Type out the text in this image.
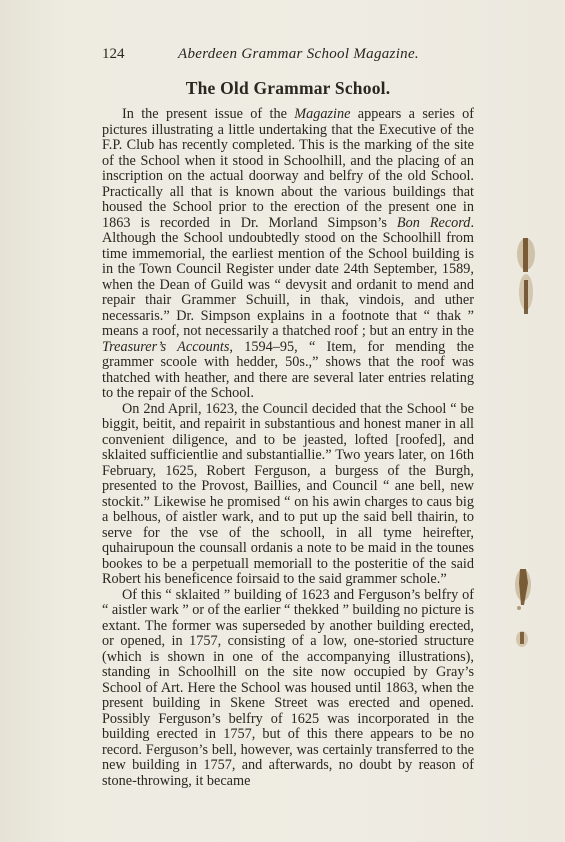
124	Aberdeen Grammar School Magazine.
The Old Grammar School.

In the present issue of the Magazine appears a series of pictures illustrating a little undertaking that the Executive of the F.P. Club has recently completed. This is the marking of the site of the School when it stood in Schoolhill, and the placing of an inscription on the actual doorway and belfry of the old School. Practically all that is known about the various buildings that housed the School prior to the erection of the present one in 1863 is recorded in Dr. Morland Simpson’s Bon Record. Although the School undoubtedly stood on the Schoolhill from time immemorial, the earliest mention of the School building is in the Town Council Register under date 24th September, 1589, when the Dean of Guild was “ devysit and ordanit to mend and repair thair Grammer Schuill, in thak, vindois, and uther necessaris.” Dr. Simpson explains in a footnote that “ thak ” means a roof, not necessarily a thatched roof ; but an entry in the Treasurer’s Accounts, 1594–95, “ Item, for mending the grammer scoole with hedder, 50s.,” shows that the roof was thatched with heather, and there are several later entries relating to the repair of the School.

On 2nd April, 1623, the Council decided that the School “ be biggit, beitit, and repairit in substantious and honest maner in all convenient diligence, and to be jeasted, lofted [roofed], and sklaited sufficientlie and substantiallie.” Two years later, on 16th February, 1625, Robert Ferguson, a burgess of the Burgh, presented to the Provost, Baillies, and Council “ ane bell, new stockit.” Likewise he promised “ on his awin charges to caus big a belhous, of aistler wark, and to put up the said bell thairin, to serve for the vse of the schooll, in all tyme heirefter, quhairupoun the counsall ordanis a note to be maid in the tounes bookes to be a perpetuall memoriall to the posteritie of the said Robert his beneficence foirsaid to the said grammer schole.”

Of this “ sklaited ” building of 1623 and Ferguson’s belfry of “ aistler wark ” or of the earlier “ thekked ” building no picture is extant. The former was superseded by another building erected, or opened, in 1757, consisting of a low, one-storied structure (which is shown in one of the accompanying illustrations), standing in Schoolhill on the site now occupied by Gray’s School of Art. Here the School was housed until 1863, when the present building in Skene Street was erected and opened. Possibly Ferguson’s belfry of 1625 was incorporated in the building erected in 1757, but of this there appears to be no record. Ferguson’s bell, however, was certainly transferred to the new building in 1757, and afterwards, no doubt by reason of stone-throwing, it became
